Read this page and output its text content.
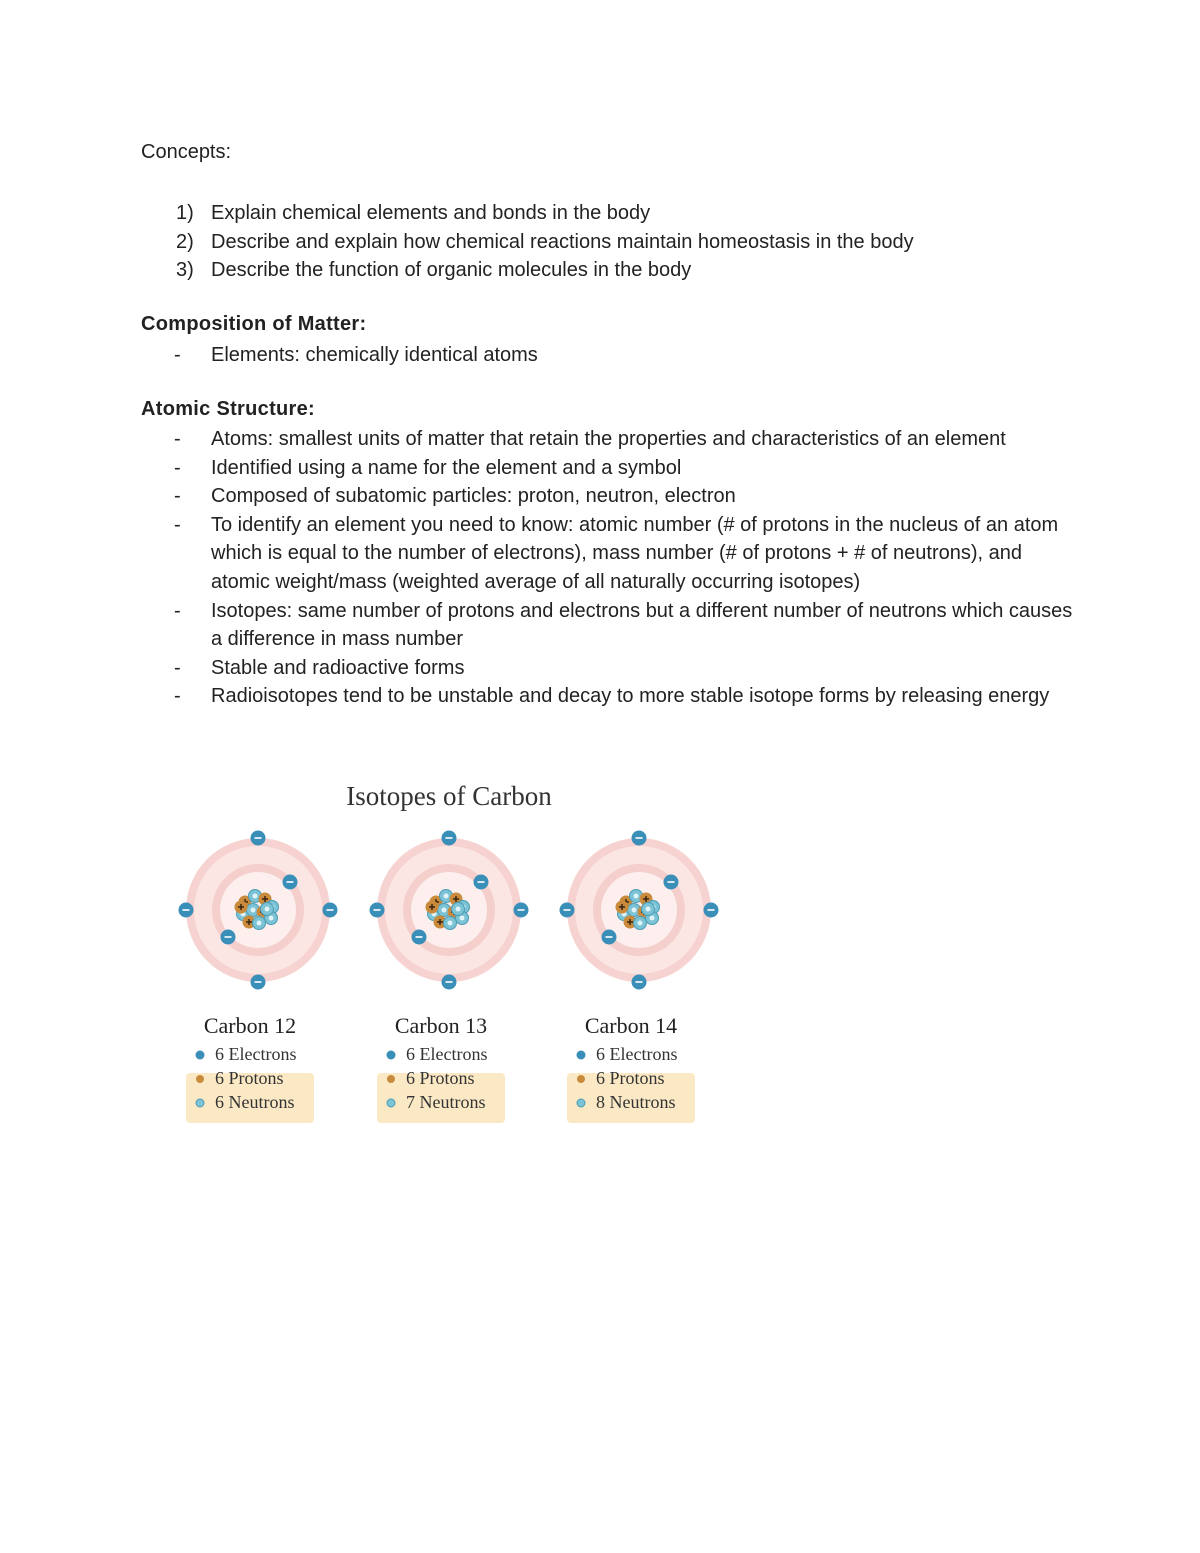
Concepts:
1) Explain chemical elements and bonds in the body
2) Describe and explain how chemical reactions maintain homeostasis in the body
3) Describe the function of organic molecules in the body
Composition of Matter:
- Elements: chemically identical atoms
Atomic Structure:
- Atoms: smallest units of matter that retain the properties and characteristics of an element
- Identified using a name for the element and a symbol
- Composed of subatomic particles: proton, neutron, electron
- To identify an element you need to know: atomic number (# of protons in the nucleus of an atom which is equal to the number of electrons), mass number (# of protons + # of neutrons), and atomic weight/mass (weighted average of all naturally occurring isotopes)
- Isotopes: same number of protons and electrons but a different number of neutrons which causes a difference in mass number
- Stable and radioactive forms
- Radioisotopes tend to be unstable and decay to more stable isotope forms by releasing energy
Isotopes of Carbon
Carbon 12
6 Electrons
6 Protons
6 Neutrons
Carbon 13
6 Electrons
6 Protons
7 Neutrons
Carbon 14
6 Electrons
6 Protons
8 Neutrons
